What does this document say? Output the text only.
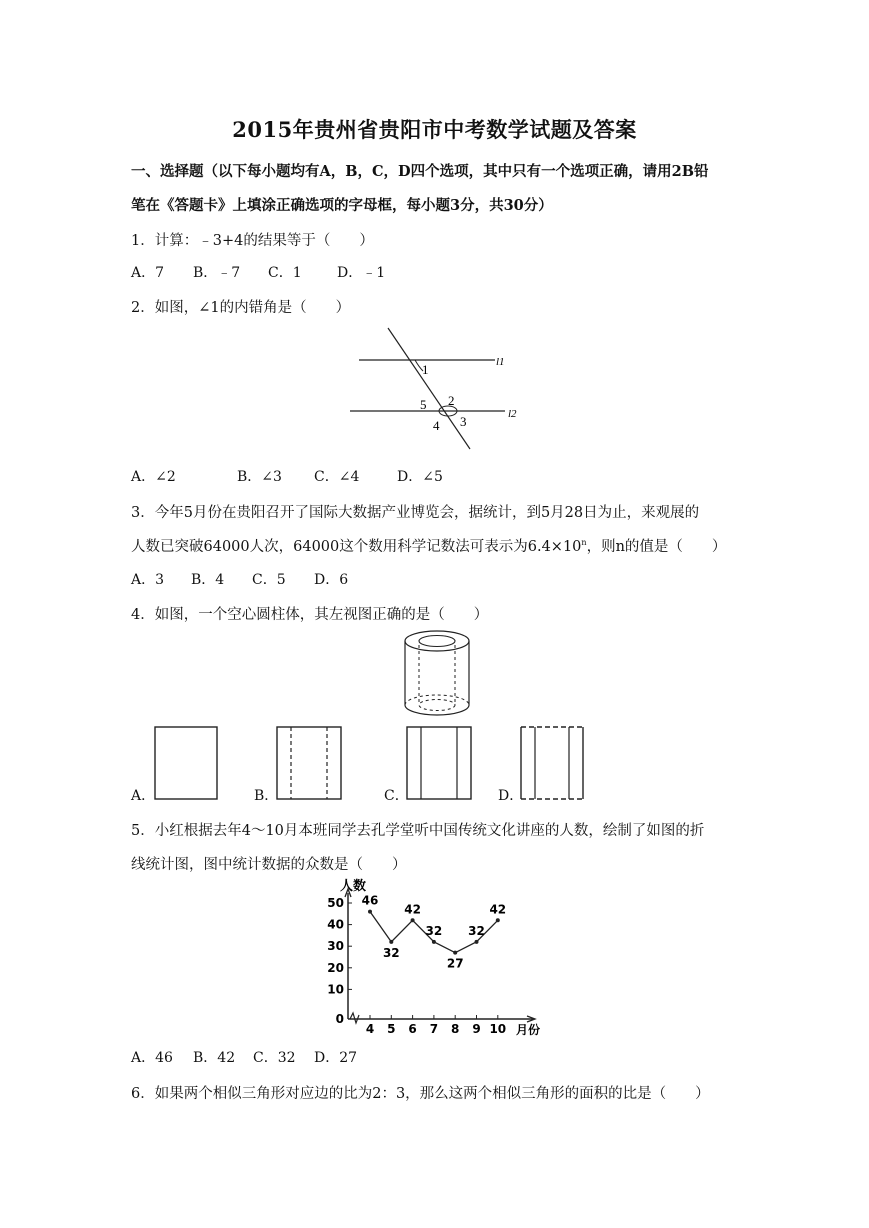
2015年贵州省贵阳市中考数学试题及答案
一、选择题（以下每小题均有A，B，C，D四个选项，其中只有一个选项正确，请用2B铅
笔在《答题卡》上填涂正确选项的字母框，每小题3分，共30分）
1．计算：﹣3+4的结果等于（　　）
A．7 B．﹣7 C．1	D．﹣1
2．如图，∠1的内错角是（　　）
1
2
3
4
5
l1
l2
A．∠2	B．∠3 C．∠4	D．∠5
3．今年5月份在贵阳召开了国际大数据产业博览会，据统计，到5月28日为止，来观展的
人数已突破64000人次，64000这个数用科学记数法可表示为$6.4\times 10^n$，则n的值是（　　）
A．3 B．4 C．5 D．6
4．如图，一个空心圆柱体，其左视图正确的是（　　）
A．	B．	C．	D．
5．小红根据去年4～10月本班同学去孔学堂听中国传统文化讲座的人数，绘制了如图的折
线统计图，图中统计数据的众数是（　　）
0
10
20
30
40
50
4 5 6 7 8 9 10
46
32
42
32
27
32
42
人数
月份
A．46 B．42 C．32 D．27
6．如果两个相似三角形对应边的比为2：3，那么这两个相似三角形的面积的比是（　　）
